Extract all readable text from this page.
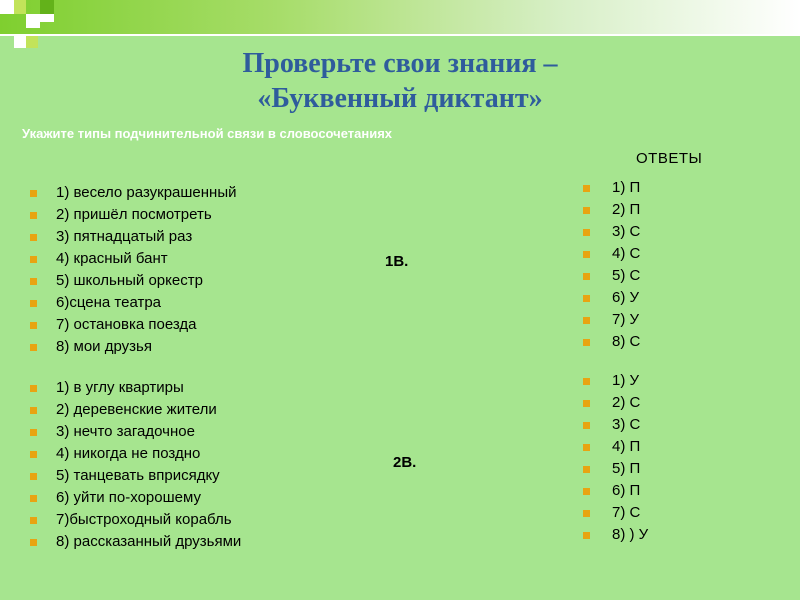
Проверьте свои знания –
«Буквенный диктант»
Укажите типы подчинительной связи в словосочетаниях
ОТВЕТЫ
1) весело разукрашенный
2) пришёл посмотреть
3) пятнадцатый раз
4) красный бант
5) школьный оркестр
6)сцена театра
7) остановка поезда
8) мои друзья
1В.
1) П
2) П
3) С
4) С
5) С
6) У
7) У
8) С
1) в углу квартиры
2) деревенские жители
3) нечто загадочное
4) никогда не поздно
5) танцевать вприсядку
6) уйти по-хорошему
7)быстроходный корабль
8) рассказанный друзьями
2В.
1) У
2) С
3) С
4) П
5) П
6) П
7) С
8) ) У
